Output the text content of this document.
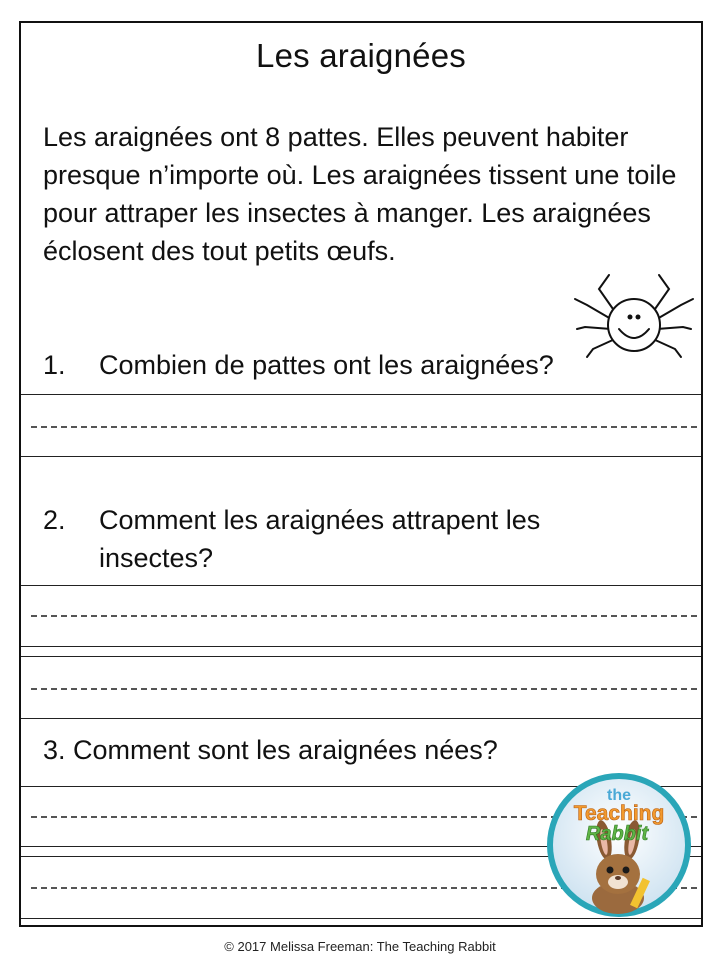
Les araignées
Les araignées ont 8 pattes. Elles peuvent habiter presque n’importe où. Les araignées tissent une toile pour attraper les insectes à manger. Les araignées éclosent des tout petits œufs.
1. Combien de pattes ont les araignées?
2. Comment les araignées attrapent les insectes?
3. Comment sont les araignées nées?
the
Teaching
Rabbit
© 2017 Melissa Freeman: The Teaching Rabbit
